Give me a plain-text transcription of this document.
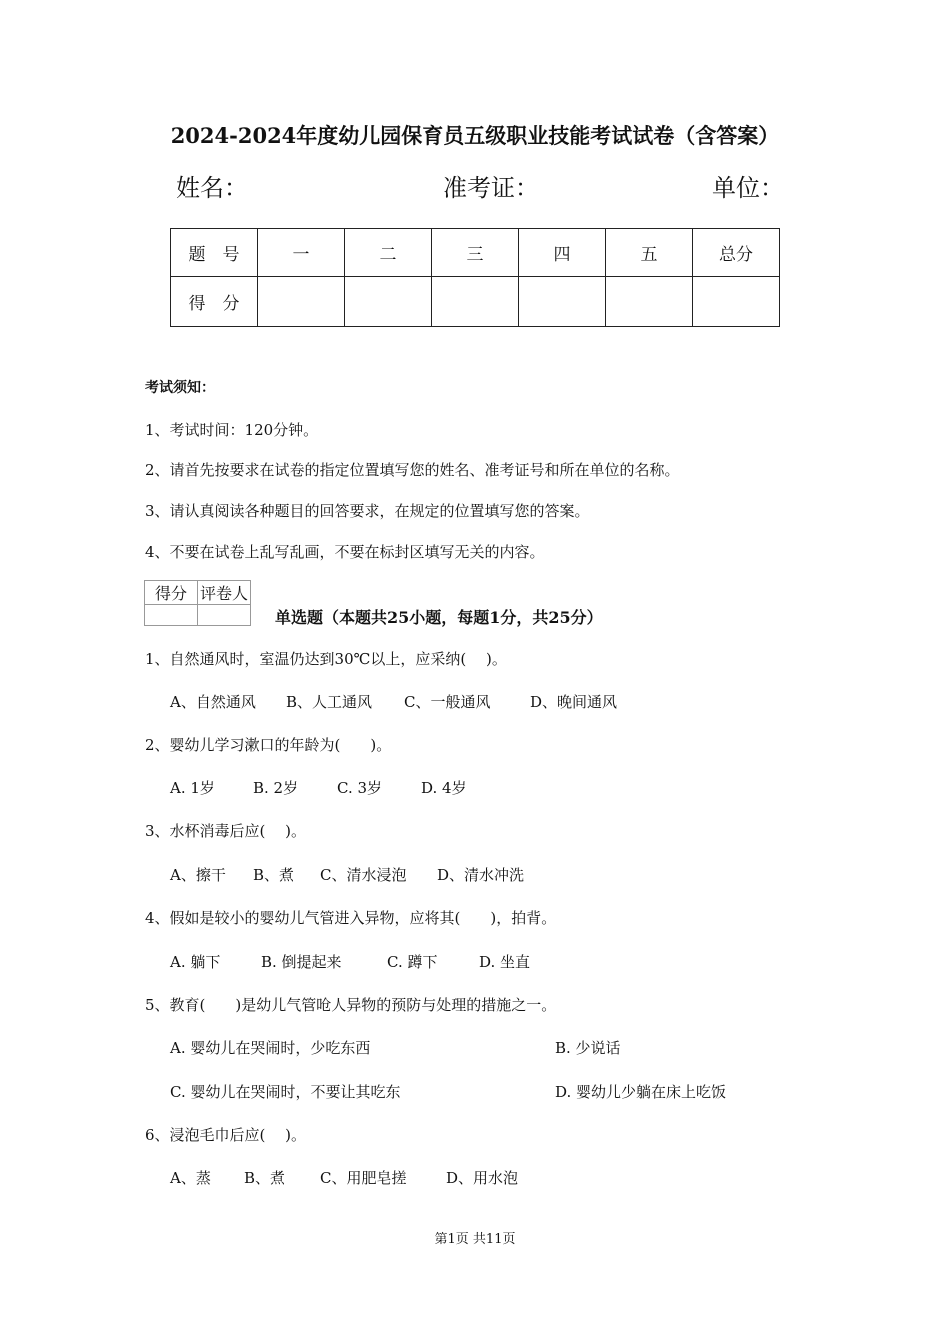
2024-2024年度幼儿园保育员五级职业技能考试试卷（含答案）
姓名：	准考证：	单位：
题　号	一	二	三	四	五	总分
得　分						
考试须知：
1、考试时间：120分钟。
2、请首先按要求在试卷的指定位置填写您的姓名、准考证号和所在单位的名称。
3、请认真阅读各种题目的回答要求，在规定的位置填写您的答案。
4、不要在试卷上乱写乱画，不要在标封区填写无关的内容。
得分	评卷人

单选题（本题共25小题，每题1分，共25分）
1、自然通风时，室温仍达到30℃以上，应采纳(　 )。
A、自然通风 B、人工通风 C、一般通风	D、晚间通风
2、婴幼儿学习漱口的年龄为(　　)。
A. 1岁	B. 2岁	C. 3岁	D. 4岁
3、水杯消毒后应(　 )。
A、擦干 B、煮 C、清水浸泡 D、清水冲洗
4、假如是较小的婴幼儿气管进入异物，应将其(　　)，拍背。
A. 躺下	B. 倒提起来	C. 蹲下	D. 坐直
5、教育(　　)是幼儿气管呛人异物的预防与处理的措施之一。
A. 婴幼儿在哭闹时，少吃东西	B. 少说话
C. 婴幼儿在哭闹时，不要让其吃东	D. 婴幼儿少躺在床上吃饭
6、浸泡毛巾后应(　 )。
A、蒸 B、煮 C、用肥皂搓	D、用水泡
第1页 共11页
